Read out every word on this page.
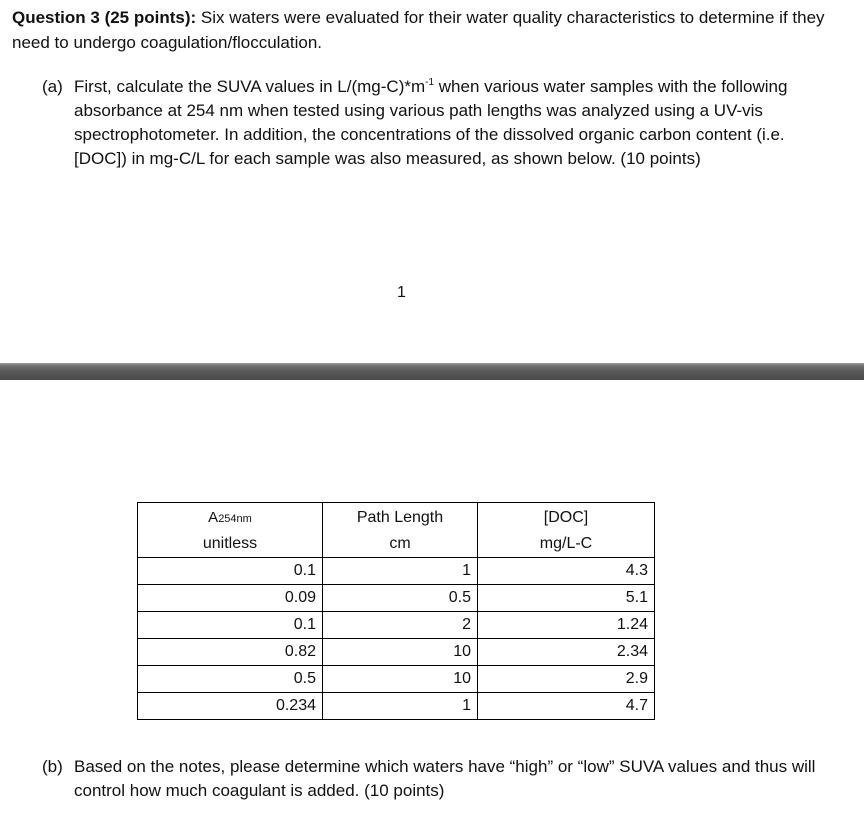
Question 3 (25 points): Six waters were evaluated for their water quality characteristics to determine if they need to undergo coagulation/flocculation.
(a) First, calculate the SUVA values in $L/(mg-C)*m^{-1}$ when various water samples with the following absorbance at 254 nm when tested using various path lengths was analyzed using a UV-vis spectrophotometer. In addition, the concentrations of the dissolved organic carbon content (i.e. [DOC]) in mg-C/L for each sample was also measured, as shown below. (10 points)
1
A254nm	Path Length	[DOC]
unitless	cm	mg/L-C
0.1	1	4.3
0.09	0.5	5.1
0.1	2	1.24
0.82	10	2.34
0.5	10	2.9
0.234	1	4.7
(b) Based on the notes, please determine which waters have “high” or “low” SUVA values and thus will control how much coagulant is added. (10 points)
